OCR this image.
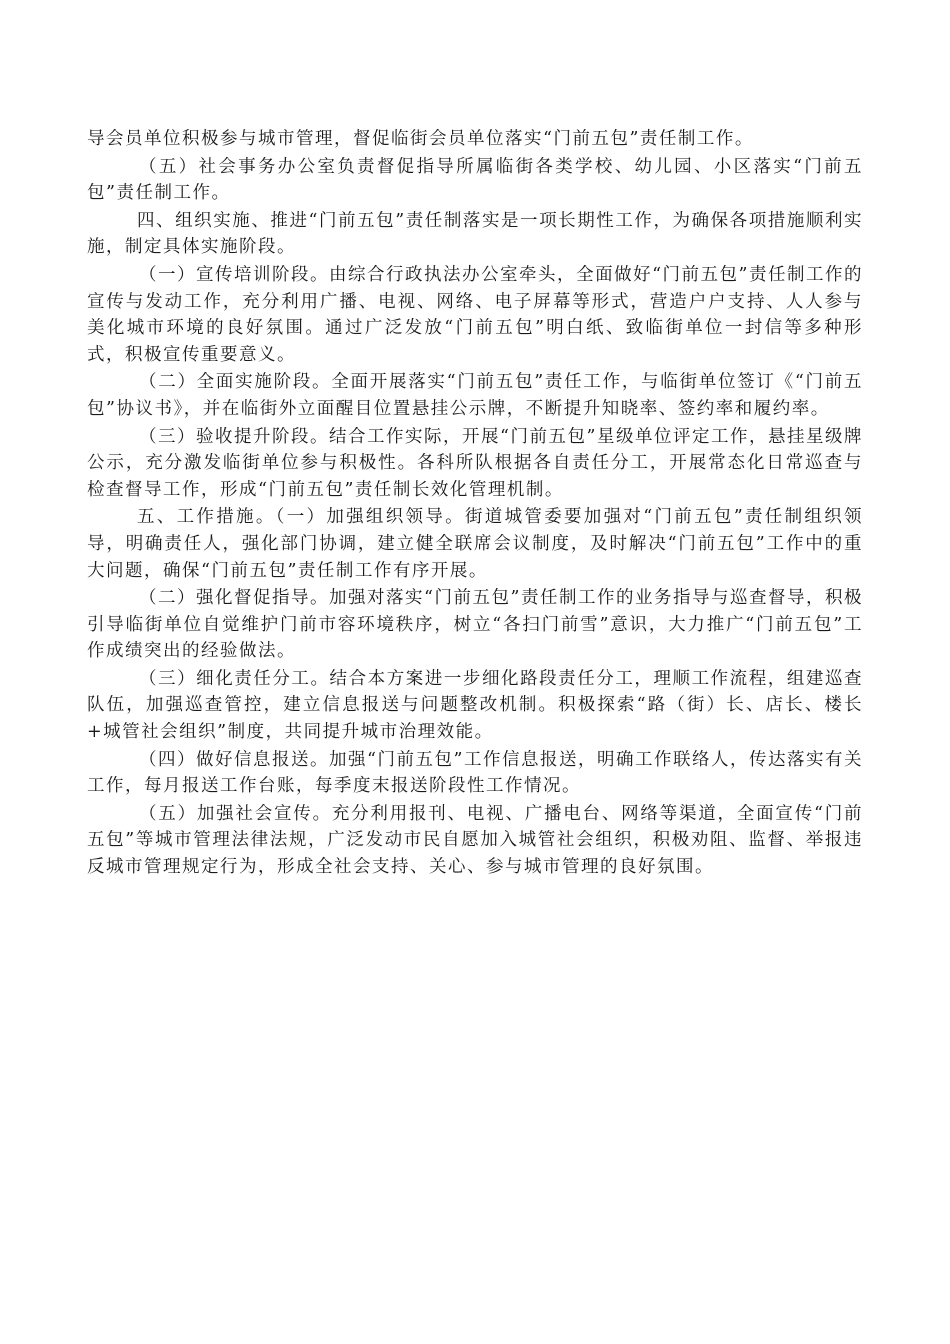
导会员单位积极参与城市管理，督促临街会员单位落实“门前五包”责任制工作。

（五）社会事务办公室负责督促指导所属临街各类学校、幼儿园、小区落实“门前五包”责任制工作。

四、组织实施、推进“门前五包”责任制落实是一项长期性工作，为确保各项措施顺利实施，制定具体实施阶段。

（一）宣传培训阶段。由综合行政执法办公室牵头，全面做好“门前五包”责任制工作的宣传与发动工作，充分利用广播、电视、网络、电子屏幕等形式，营造户户支持、人人参与美化城市环境的良好氛围。通过广泛发放“门前五包”明白纸、致临街单位一封信等多种形式，积极宣传重要意义。

（二）全面实施阶段。全面开展落实“门前五包”责任工作，与临街单位签订《“门前五包”协议书》，并在临街外立面醒目位置悬挂公示牌，不断提升知晓率、签约率和履约率。

（三）验收提升阶段。结合工作实际，开展“门前五包”星级单位评定工作，悬挂星级牌公示，充分激发临街单位参与积极性。各科所队根据各自责任分工，开展常态化日常巡查与检查督导工作，形成“门前五包”责任制长效化管理机制。

五、工作措施。（一）加强组织领导。街道城管委要加强对“门前五包”责任制组织领导，明确责任人，强化部门协调，建立健全联席会议制度，及时解决“门前五包”工作中的重大问题，确保“门前五包”责任制工作有序开展。

（二）强化督促指导。加强对落实“门前五包”责任制工作的业务指导与巡查督导，积极引导临街单位自觉维护门前市容环境秩序，树立“各扫门前雪”意识，大力推广“门前五包”工作成绩突出的经验做法。

（三）细化责任分工。结合本方案进一步细化路段责任分工，理顺工作流程，组建巡查队伍，加强巡查管控，建立信息报送与问题整改机制。积极探索“路（街）长、店长、楼长+城管社会组织”制度，共同提升城市治理效能。

（四）做好信息报送。加强“门前五包”工作信息报送，明确工作联络人，传达落实有关工作，每月报送工作台账，每季度末报送阶段性工作情况。

（五）加强社会宣传。充分利用报刊、电视、广播电台、网络等渠道，全面宣传“门前五包”等城市管理法律法规，广泛发动市民自愿加入城管社会组织，积极劝阻、监督、举报违反城市管理规定行为，形成全社会支持、关心、参与城市管理的良好氛围。
